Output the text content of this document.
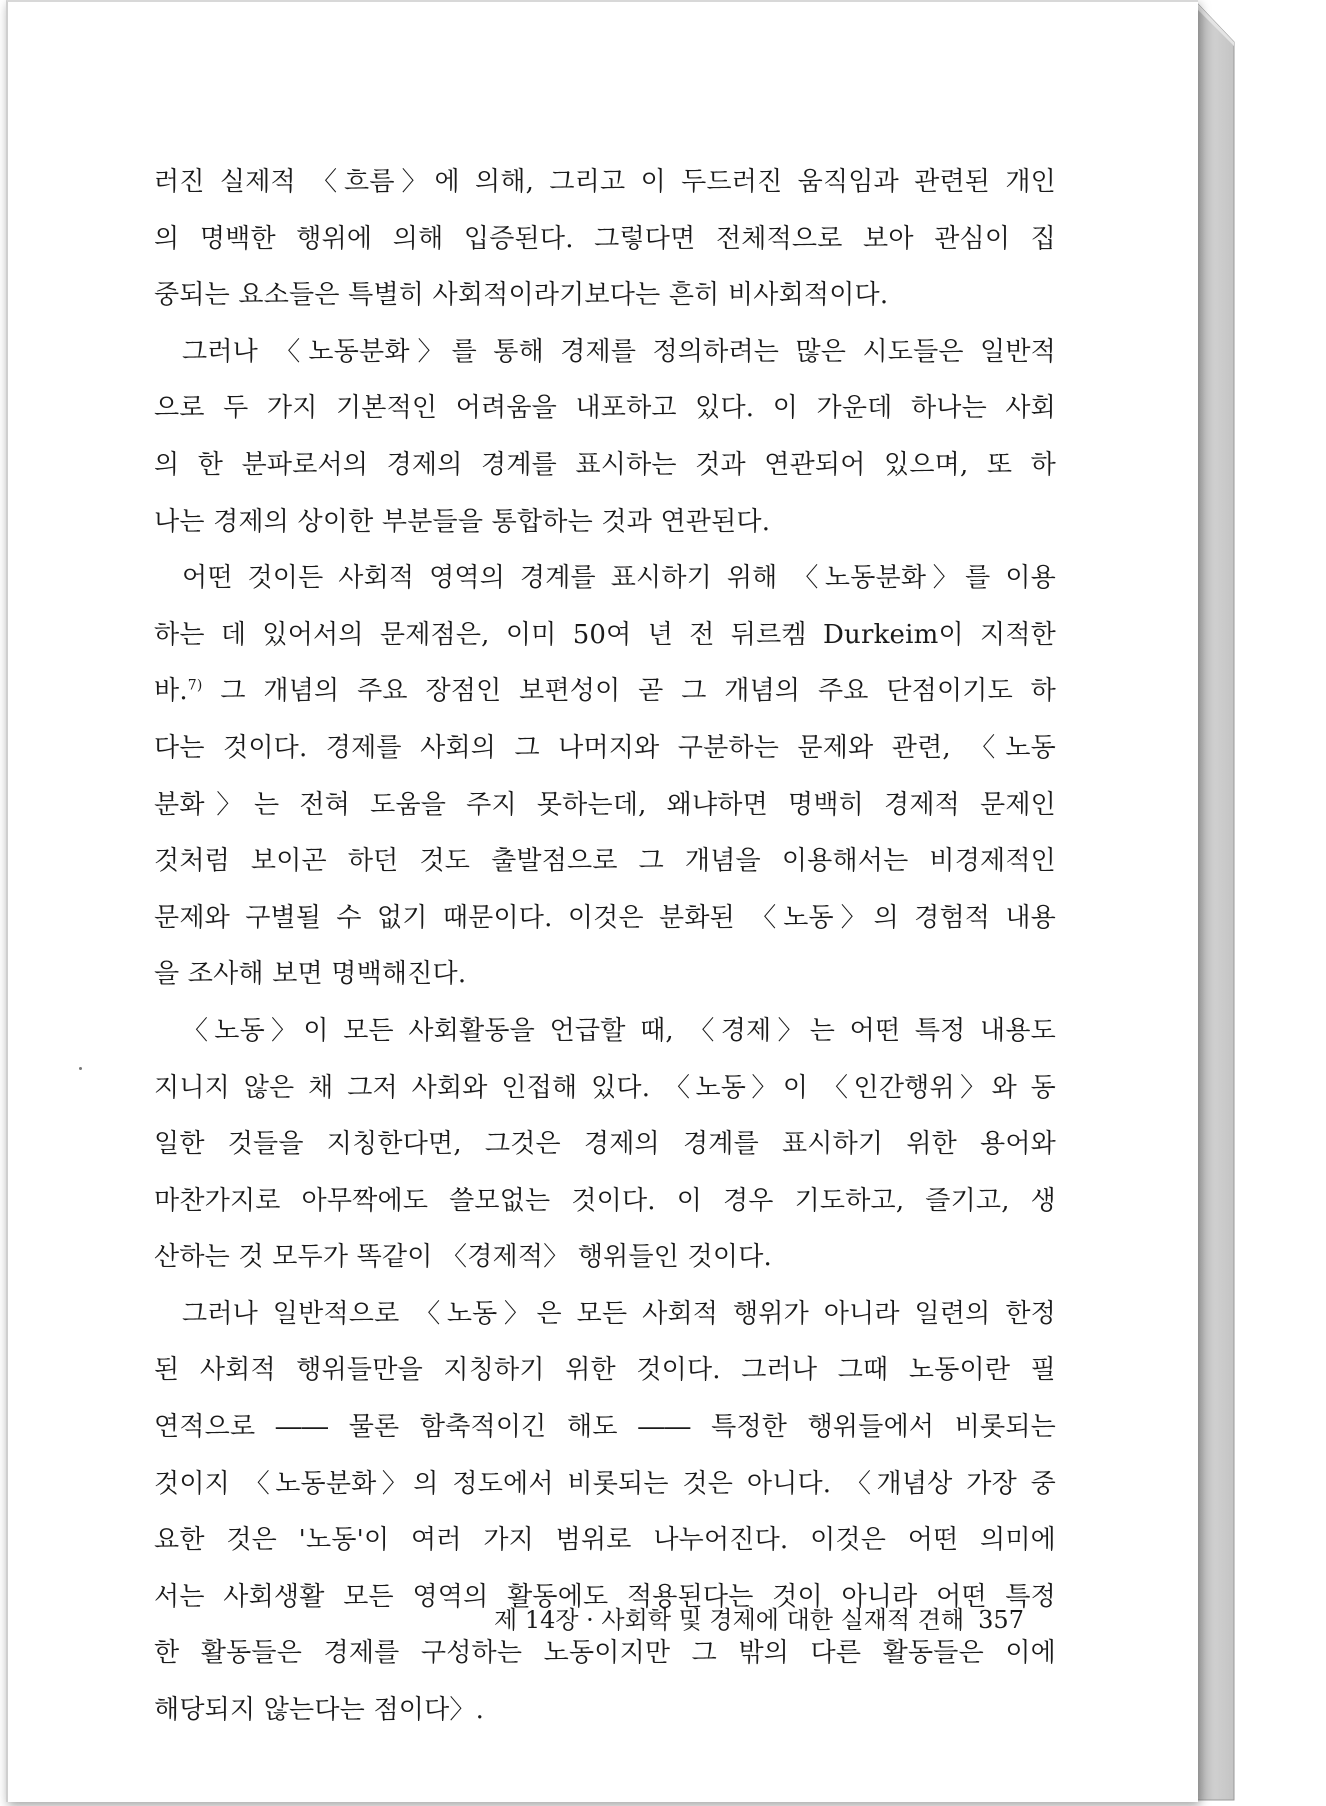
러진 실제적 〈흐름〉에 의해, 그리고 이 두드러진 움직임과 관련된 개인
의 명백한 행위에 의해 입증된다. 그렇다면 전체적으로 보아 관심이 집
중되는 요소들은 특별히 사회적이라기보다는 흔히 비사회적이다.
그러나 〈노동분화〉를 통해 경제를 정의하려는 많은 시도들은 일반적
으로 두 가지 기본적인 어려움을 내포하고 있다. 이 가운데 하나는 사회
의 한 분파로서의 경제의 경계를 표시하는 것과 연관되어 있으며, 또 하
나는 경제의 상이한 부분들을 통합하는 것과 연관된다.
어떤 것이든 사회적 영역의 경계를 표시하기 위해 〈노동분화〉를 이용
하는 데 있어서의 문제점은, 이미 50여 년 전 뒤르켐 Durkeim이 지적한
바.$^{7)}$ 그 개념의 주요 장점인 보편성이 곧 그 개념의 주요 단점이기도 하
다는 것이다. 경제를 사회의 그 나머지와 구분하는 문제와 관련, 〈노동
분화〉는 전혀 도움을 주지 못하는데, 왜냐하면 명백히 경제적 문제인
것처럼 보이곤 하던 것도 출발점으로 그 개념을 이용해서는 비경제적인
문제와 구별될 수 없기 때문이다. 이것은 분화된 〈노동〉의 경험적 내용
을 조사해 보면 명백해진다.
〈노동〉이 모든 사회활동을 언급할 때, 〈경제〉는 어떤 특정 내용도
지니지 않은 채 그저 사회와 인접해 있다. 〈노동〉이 〈인간행위〉와 동
일한 것들을 지칭한다면, 그것은 경제의 경계를 표시하기 위한 용어와
마찬가지로 아무짝에도 쓸모없는 것이다. 이 경우 기도하고, 즐기고, 생
산하는 것 모두가 똑같이 〈경제적〉 행위들인 것이다.
그러나 일반적으로 〈노동〉은 모든 사회적 행위가 아니라 일련의 한정
된 사회적 행위들만을 지칭하기 위한 것이다. 그러나 그때 노동이란 필
연적으로 ―― 물론 함축적이긴 해도 ―― 특정한 행위들에서 비롯되는
것이지 〈노동분화〉의 정도에서 비롯되는 것은 아니다. 〈개념상 가장 중
요한 것은 '노동'이 여러 가지 범위로 나누어진다. 이것은 어떤 의미에
서는 사회생활 모든 영역의 활동에도 적용된다는 것이 아니라 어떤 특정
한 활동들은 경제를 구성하는 노동이지만 그 밖의 다른 활동들은 이에
해당되지 않는다는 점이다〉.
제 14장 · 사회학 및 경제에 대한 실재적 견해 357
